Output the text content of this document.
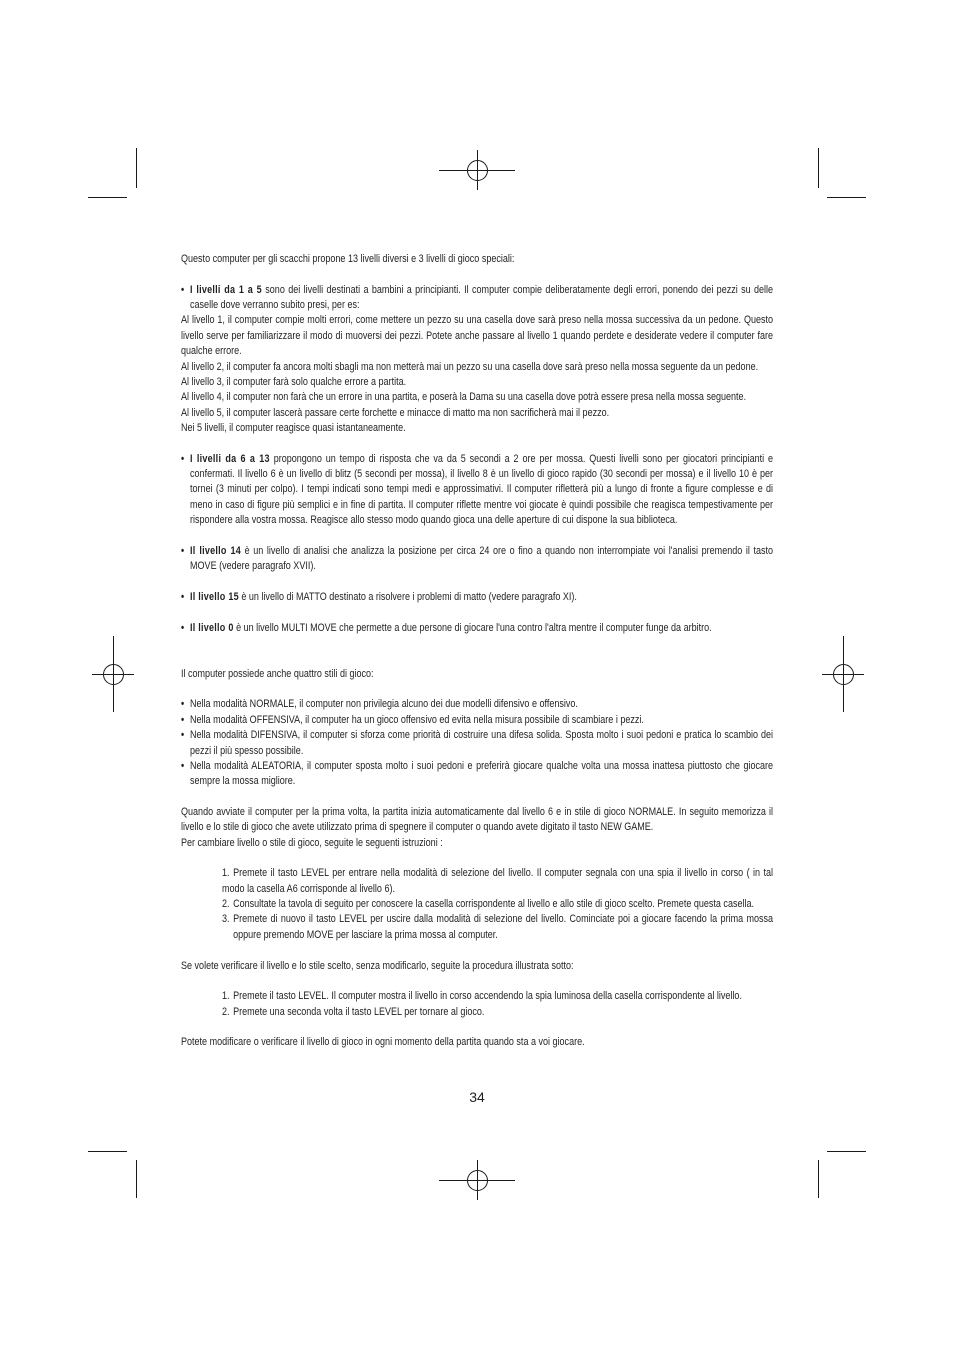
Questo computer per gli scacchi propone 13 livelli diversi e 3 livelli di gioco speciali:

• I livelli da 1 a 5 sono dei livelli destinati a bambini a principianti. Il computer compie deliberatamente degli errori, ponendo dei pezzi su delle caselle dove verranno subito presi, per es:

Al livello 1, il computer compie molti errori, come mettere un pezzo su una casella dove sarà preso nella mossa successiva da un pedone. Questo livello serve per familiarizzare il modo di muoversi dei pezzi. Potete anche passare al livello 1 quando perdete e desiderate vedere il computer fare qualche errore.

Al livello 2, il computer fa ancora molti sbagli ma non metterà mai un pezzo su una casella dove sarà preso nella mossa seguente da un pedone.

Al livello 3, il computer farà solo qualche errore a partita.

Al livello 4, il computer non farà che un errore in una partita, e poserà la Dama su una casella dove potrà essere presa nella mossa seguente.

Al livello 5, il computer lascerà passare certe forchette e minacce di matto ma non sacrificherà mai il pezzo.

Nei 5 livelli, il computer reagisce quasi istantaneamente.

• I livelli da 6 a 13 propongono un tempo di risposta che va da 5 secondi a 2 ore per mossa. Questi livelli sono per giocatori principianti e confermati. Il livello 6 è un livello di blitz (5 secondi per mossa), il livello 8 è un livello di gioco rapido (30 secondi per mossa) e il livello 10 è per tornei (3 minuti per colpo). I tempi indicati sono tempi medi e approssimativi. Il computer rifletterà più a lungo di fronte a figure complesse e di meno in caso di figure più semplici e in fine di partita. Il computer riflette mentre voi giocate è quindi possibile che reagisca tempestivamente per rispondere alla vostra mossa. Reagisce allo stesso modo quando gioca una delle aperture di cui dispone la sua biblioteca.

• Il livello 14 è un livello di analisi che analizza la posizione per circa 24 ore o fino a quando non interrompiate voi l'analisi premendo il tasto MOVE (vedere paragrafo XVII).

• Il livello 15 è un livello di MATTO destinato a risolvere i problemi di matto (vedere paragrafo XI).

• Il livello 0 è un livello MULTI MOVE che permette a due persone di giocare l'una contro l'altra mentre il computer funge da arbitro.

Il computer possiede anche quattro stili di gioco:

• Nella modalità NORMALE, il computer non privilegia alcuno dei due modelli difensivo e offensivo.

• Nella modalità OFFENSIVA, il computer ha un gioco offensivo ed evita nella misura possibile di scambiare i pezzi.

• Nella modalità DIFENSIVA, il computer si sforza come priorità di costruire una difesa solida. Sposta molto i suoi pedoni e pratica lo scambio dei pezzi il più spesso possibile.

• Nella modalità ALEATORIA, il computer sposta molto i suoi pedoni e preferirà giocare qualche volta una mossa inattesa piuttosto che giocare sempre la mossa migliore.

Quando avviate il computer per la prima volta, la partita inizia automaticamente dal livello 6 e in stile di gioco NORMALE. In seguito memorizza il livello e lo stile di gioco che avete utilizzato prima di spegnere il computer o quando avete digitato il tasto NEW GAME.

Per cambiare livello o stile di gioco, seguite le seguenti istruzioni :

1. Premete il tasto LEVEL per entrare nella modalità di selezione del livello. Il computer segnala con una spia il livello in corso ( in tal modo la casella A6 corrisponde al livello 6).

2. Consultate la tavola di seguito per conoscere la casella corrispondente al livello e allo stile di gioco scelto. Premete questa casella.

3. Premete di nuovo il tasto LEVEL per uscire dalla modalità di selezione del livello. Cominciate poi a giocare facendo la prima mossa oppure premendo MOVE per lasciare la prima mossa al computer.

Se volete verificare il livello e lo stile scelto, senza modificarlo, seguite la procedura illustrata sotto:

1. Premete il tasto LEVEL. Il computer mostra il livello in corso accendendo la spia luminosa della casella corrispondente al livello.

2. Premete una seconda volta il tasto LEVEL per tornare al gioco.

Potete modificare o verificare il livello di gioco in ogni momento della partita quando sta a voi giocare.

34
